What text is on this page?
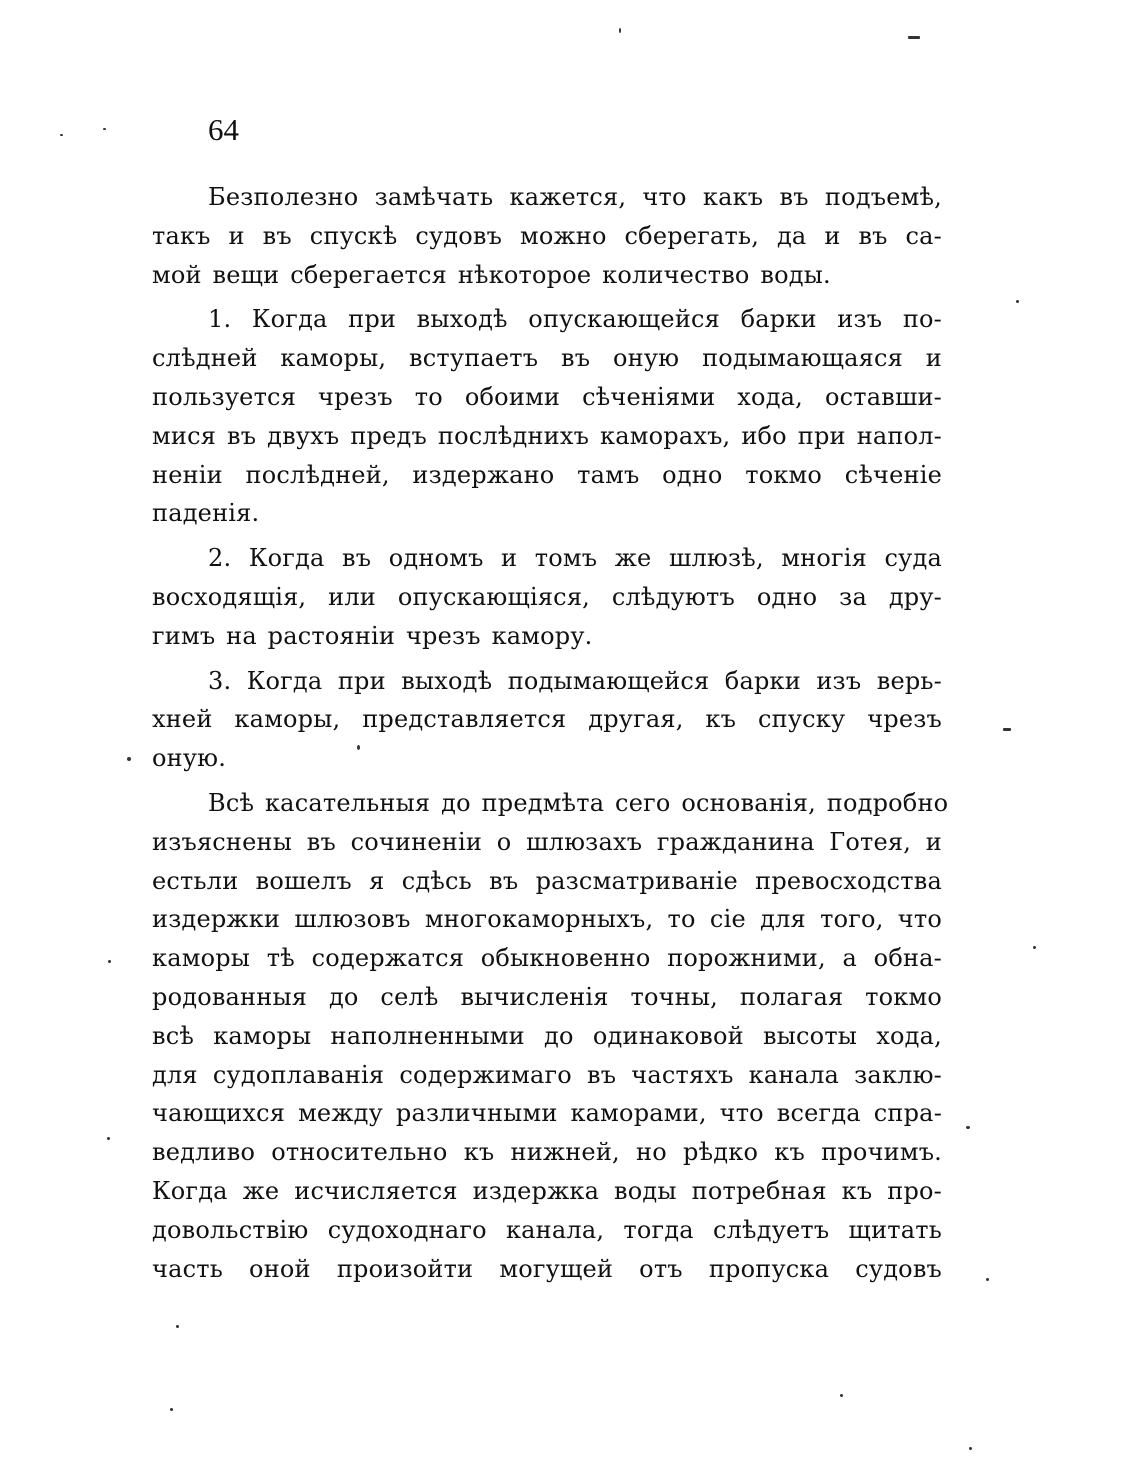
64
Безполезно замѣчать кажется, что какъ въ подъемѣ,
такъ и въ спускѣ судовъ можно сберегать, да и въ са-
мой вещи сберегается нѣкоторое количество воды.
1. Когда при выходѣ опускающейся барки изъ по-
слѣдней каморы, вступаетъ въ оную подымающаяся и
пользуется чрезъ то обоими сѣченіями хода, оставши-
мися въ двухъ предъ послѣднихъ каморахъ, ибо при напол-
неніи послѣдней, издержано тамъ одно токмо сѣченіе
паденія.
2. Когда въ одномъ и томъ же шлюзѣ, многія суда
восходящія, или опускающіяся, слѣдуютъ одно за дру-
гимъ на растояніи чрезъ камору.
3. Когда при выходѣ подымающейся барки изъ верь-
хней каморы, представляется другая, къ спуску чрезъ
оную.
Всѣ касательныя до предмѣта сего основанія, подробно
изъяснены въ сочиненіи о шлюзахъ гражданина Готея, и
естьли вошелъ я сдѣсь въ разсматриваніе превосходства
издержки шлюзовъ многокаморныхъ, то сіе для того, что
каморы тѣ содержатся обыкновенно порожними, а обна-
родованныя до селѣ вычисленія точны, полагая токмо
всѣ каморы наполненными до одинаковой высоты хода,
для судоплаванія содержимаго въ частяхъ канала заклю-
чающихся между различными каморами, что всегда спра-
ведливо относительно къ нижней, но рѣдко къ прочимъ.
Когда же исчисляется издержка воды потребная къ про-
довольствію судоходнаго канала, тогда слѣдуетъ щитать
часть оной произойти могущей отъ пропуска судовъ
